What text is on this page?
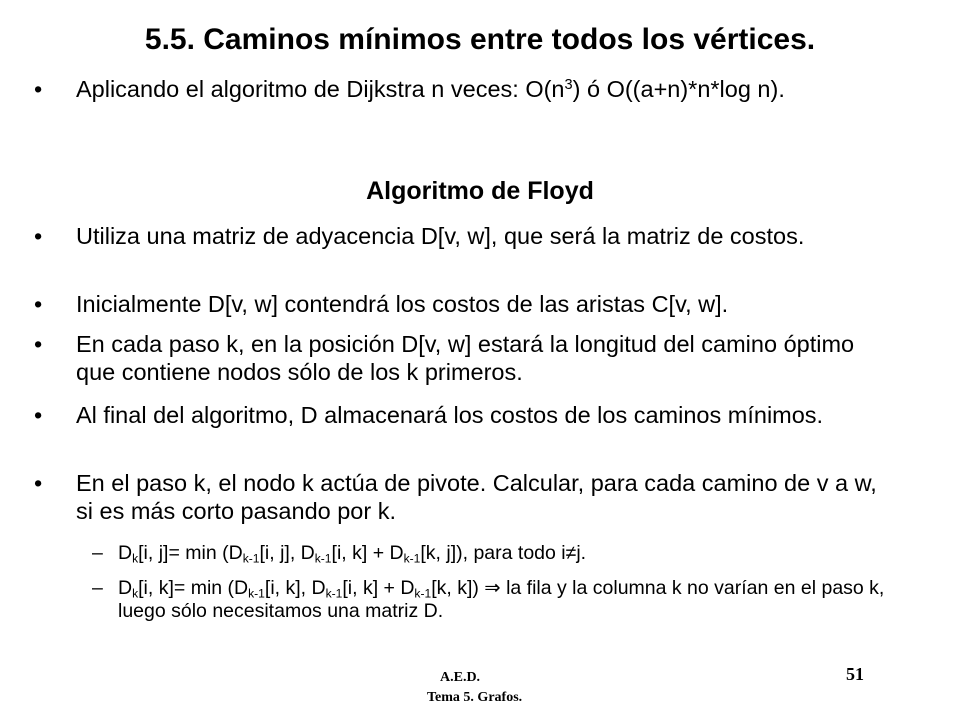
5.5. Caminos mínimos entre todos los vértices.
•	Aplicando el algoritmo de Dijkstra n veces: $O(n^3)$ ó O((a+n)*n*log n).
Algoritmo de Floyd
•	Utiliza una matriz de adyacencia D[v, w], que será la matriz de costos.
•	Inicialmente D[v, w] contendrá los costos de las aristas C[v, w].
•	En cada paso k, en la posición D[v, w] estará la longitud del camino óptimo que contiene nodos sólo de los k primeros.
•	Al final del algoritmo, D almacenará los costos de los caminos mínimos.
•	En el paso k, el nodo k actúa de pivote. Calcular, para cada camino de v a w, si es más corto pasando por k.
– $D_k[i$, $j]= \min (D_{k-1}[i$, j], $D_{k-1}[i$, $k] + D_{k-1}[k$, j]), para todo i≠j.
– $D_k[i$, $k]= \min (D_{k-1}[i$, k], $D_{k-1}[i$, $k] + D_{k-1}[k$, k]) ⇒ la fila y la columna k no varían en el paso k, luego sólo necesitamos una matriz D.
A.E.D.
Tema 5. Grafos.
51
